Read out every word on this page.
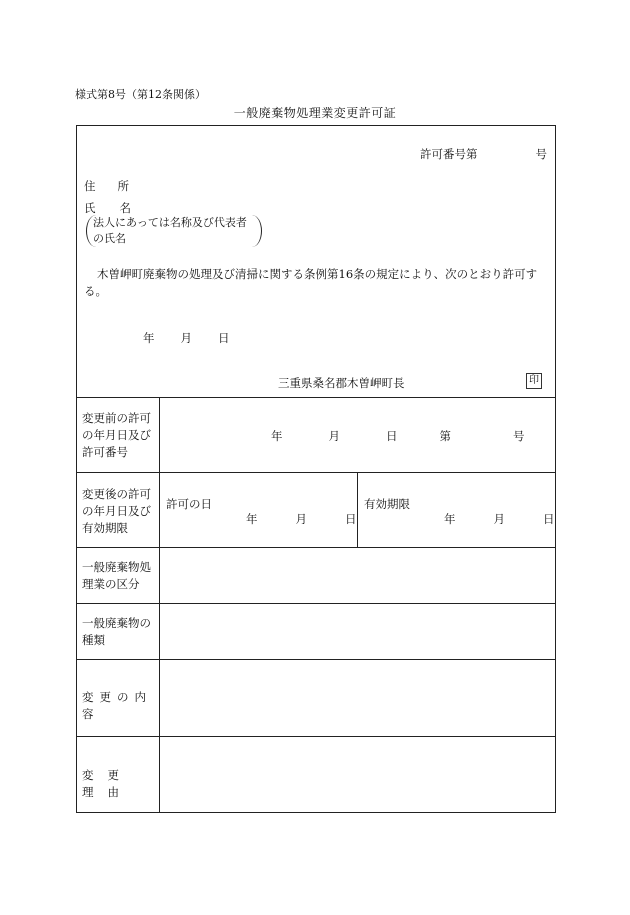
様式第8号（第12条関係）
一般廃棄物処理業変更許可証
許可番号第	号
住 所
氏 名
法人にあっては名称及び代表者
の氏名
木曽岬町廃棄物の処理及び清掃に関する条例第16条の規定により、次のとおり許可する。
年 月 日
三重県桑名郡木曽岬町長	印
変更前の許可
の年月日及び
許可番号
年	月	日	第	号
変更後の許可
の年月日及び
有効期限
許可の日
年	月	日
有効期限
年	月	日
一般廃棄物処
理業の区分
一般廃棄物の
種類
変更の内容
変更理由
